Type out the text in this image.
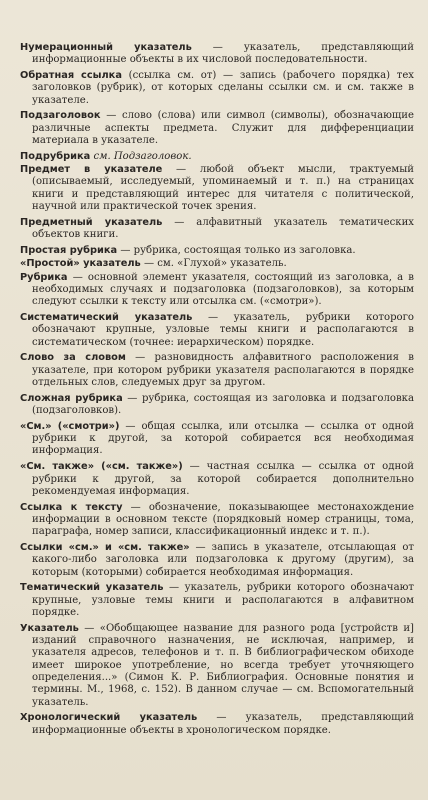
Нумерационный указатель — указатель, представляющий информационные объекты в их числовой последовательности.
Обратная ссылка (ссылка см. от) — запись (рабочего порядка) тех заголовков (рубрик), от которых сделаны ссылки см. и см. также в указателе.
Подзаголовок — слово (слова) или символ (символы), обозначающие различные аспекты предмета. Служит для дифференциации материала в указателе.
Подрубрика см. Подзаголовок.
Предмет в указателе — любой объект мысли, трактуемый (описываемый, исследуемый, упоминаемый и т. п.) на страницах книги и представляющий интерес для читателя с политической, научной или практической точек зрения.
Предметный указатель — алфавитный указатель тематических объектов книги.
Простая рубрика — рубрика, состоящая только из заголовка.
«Простой» указатель — см. «Глухой» указатель.
Рубрика — основной элемент указателя, состоящий из заголовка, а в необходимых случаях и подзаголовка (подзаголовков), за которым следуют ссылки к тексту или отсылка см. («смотри»).
Систематический указатель — указатель, рубрики которого обозначают крупные, узловые темы книги и располагаются в систематическом (точнее: иерархическом) порядке.
Слово за словом — разновидность алфавитного расположения в указателе, при котором рубрики указателя располагаются в порядке отдельных слов, следуемых друг за другом.
Сложная рубрика — рубрика, состоящая из заголовка и подзаголовка (подзаголовков).
«См.» («смотри») — общая ссылка, или отсылка — ссылка от одной рубрики к другой, за которой собирается вся необходимая информация.
«См. также» («см. также») — частная ссылка — ссылка от одной рубрики к другой, за которой собирается дополнительно рекомендуемая информация.
Ссылка к тексту — обозначение, показывающее местонахождение информации в основном тексте (порядковый номер страницы, тома, параграфа, номер записи, классификационный индекс и т. п.).
Ссылки «см.» и «см. также» — запись в указателе, отсылающая от какого-либо заголовка или подзаголовка к другому (другим), за которым (которыми) собирается необходимая информация.
Тематический указатель — указатель, рубрики которого обозначают крупные, узловые темы книги и располагаются в алфавитном порядке.
Указатель — «Обобщающее название для разного рода [устройств и] изданий справочного назначения, не исключая, например, и указателя адресов, телефонов и т. п. В библиографическом обиходе имеет широкое употребление, но всегда требует уточняющего определения...» (Симон К. Р. Библиография. Основные понятия и термины. М., 1968, с. 152). В данном случае — см. Вспомогательный указатель.
Хронологический указатель — указатель, представляющий информационные объекты в хронологическом порядке.
